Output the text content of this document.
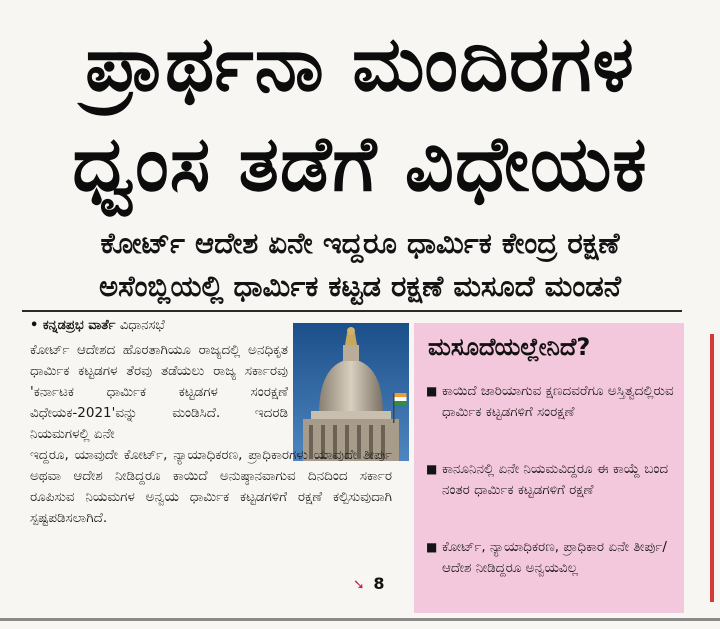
ಪ್ರಾರ್ಥನಾ ಮಂದಿರಗಳ
ಧ್ವಂಸ ತಡೆಗೆ ವಿಧೇಯಕ
ಕೋರ್ಟ್ ಆದೇಶ ಏನೇ ಇದ್ದರೂ ಧಾರ್ಮಿಕ ಕೇಂದ್ರ ರಕ್ಷಣೆ
ಅಸೆಂಬ್ಲಿಯಲ್ಲಿ ಧಾರ್ಮಿಕ ಕಟ್ಟಡ ರಕ್ಷಣೆ ಮಸೂದೆ ಮಂಡನೆ
• ಕನ್ನಡಪ್ರಭ ವಾರ್ತೆ ವಿಧಾನಸಭೆ
ಕೋರ್ಟ್ ಆದೇಶದ ಹೊರತಾಗಿಯೂ ರಾಜ್ಯದಲ್ಲಿ ಅನಧಿಕೃತ ಧಾರ್ಮಿಕ ಕಟ್ಟಡಗಳ ತೆರವು ತಡೆಯಲು ರಾಜ್ಯ ಸರ್ಕಾರವು 'ಕರ್ನಾಟಕ ಧಾರ್ಮಿಕ ಕಟ್ಟಡಗಳ ಸಂರಕ್ಷಣೆ ವಿಧೇಯಕ-2021'ವನ್ನು ಮಂಡಿಸಿದೆ. ಇದರಡಿ ನಿಯಮಗಳಲ್ಲಿ ಏನೇ
ಇದ್ದರೂ, ಯಾವುದೇ ಕೋರ್ಟ್, ನ್ಯಾಯಾಧಿಕರಣ, ಪ್ರಾಧಿಕಾರಗಳು ಯಾವುದೇ ತೀರ್ಪು ಅಥವಾ ಆದೇಶ ನೀಡಿದ್ದರೂ ಕಾಯಿದೆ ಅನುಷ್ಠಾನವಾಗುವ ದಿನದಿಂದ ಸರ್ಕಾರ ರೂಪಿಸುವ ನಿಯಮಗಳ ಅನ್ವಯ ಧಾರ್ಮಿಕ ಕಟ್ಟಡಗಳಿಗೆ ರಕ್ಷಣೆ ಕಲ್ಪಿಸುವುದಾಗಿ ಸ್ಪಷ್ಟಪಡಿಸಲಾಗಿದೆ.
➘ 8
ಮಸೂದೆಯಲ್ಲೇನಿದೆ?
■ ಕಾಯಿದೆ ಜಾರಿಯಾಗುವ ಕ್ಷಣದವರೆಗೂ ಅಸ್ತಿತ್ವದಲ್ಲಿರುವ ಧಾರ್ಮಿಕ ಕಟ್ಟಡಗಳಿಗೆ ಸಂರಕ್ಷಣೆ
■ ಕಾನೂನಿನಲ್ಲಿ ಏನೇ ನಿಯಮವಿದ್ದರೂ ಈ ಕಾಯ್ದೆ ಬಂದ ನಂತರ ಧಾರ್ಮಿಕ ಕಟ್ಟಡಗಳಿಗೆ ರಕ್ಷಣೆ
■ ಕೋರ್ಟ್, ನ್ಯಾಯಾಧಿಕರಣ, ಪ್ರಾಧಿಕಾರ ಏನೇ ತೀರ್ಪು/ಆದೇಶ ನೀಡಿದ್ದರೂ ಅನ್ವಯವಿಲ್ಲ
